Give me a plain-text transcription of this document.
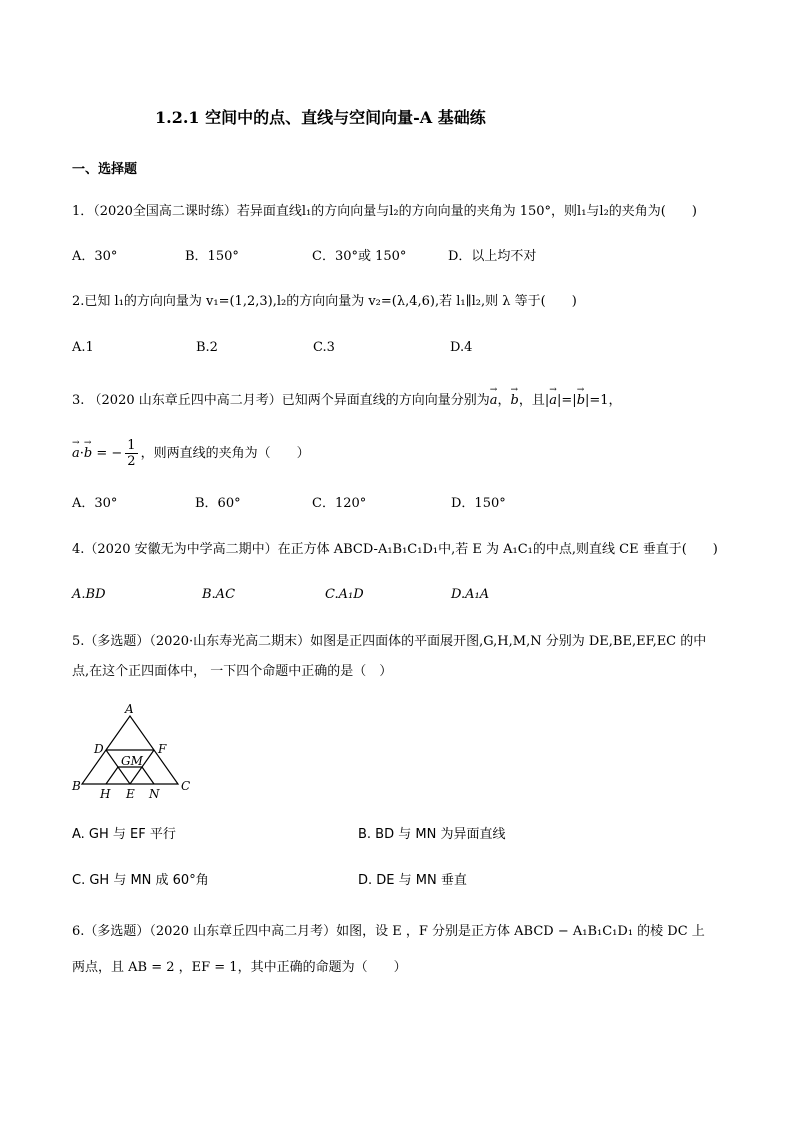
1.2.1 空间中的点、直线与空间向量-A 基础练
一、选择题
1．（2020全国高二课时练）若异面直线l₁的方向向量与l₂的方向向量的夹角为 150°，则l₁与l₂的夹角为(　　)
A．30°	B．150°	C．30°或 150°	D．以上均不对
2.已知 l₁的方向向量为 v₁=(1,2,3),l₂的方向向量为 v₂=(λ,4,6),若 l₁∥l₂,则 λ 等于(　　)
A.1	B.2	C.3	D.4
3. （2020 山东章丘四中高二月考）已知两个异面直线的方向向量分别为→ a，→ b，且|→ a|=|→ b|=1，
→ a·→ b = − $\frac{1}{2}$ ，则两直线的夹角为（　　）
A．30°	B．60°	C．120°	D．150°
4.（2020 安徽无为中学高二期中）在正方体 ABCD-A₁B₁C₁D₁中,若 E 为 A₁C₁的中点,则直线 CE 垂直于(　　)
A.BD	B.AC	C.A₁D	D.A₁A
5.（多选题）（2020·山东寿光高二期末）如图是正四面体的平面展开图,G,H,M,N 分别为 DE,BE,EF,EC 的中
点,在这个正四面体中， 一下四个命题中正确的是（　）
A
D	F
GM
B
H E N
C
A. GH 与 EF 平行	B. BD 与 MN 为异面直线
C. GH 与 MN 成 60°角	D. DE 与 MN 垂直
6.（多选题）（2020 山东章丘四中高二月考）如图，设 E ，F 分别是正方体 ABCD − A₁B₁C₁D₁ 的棱 DC 上
两点，且 AB = 2 ，EF = 1，其中正确的命题为（　　）
